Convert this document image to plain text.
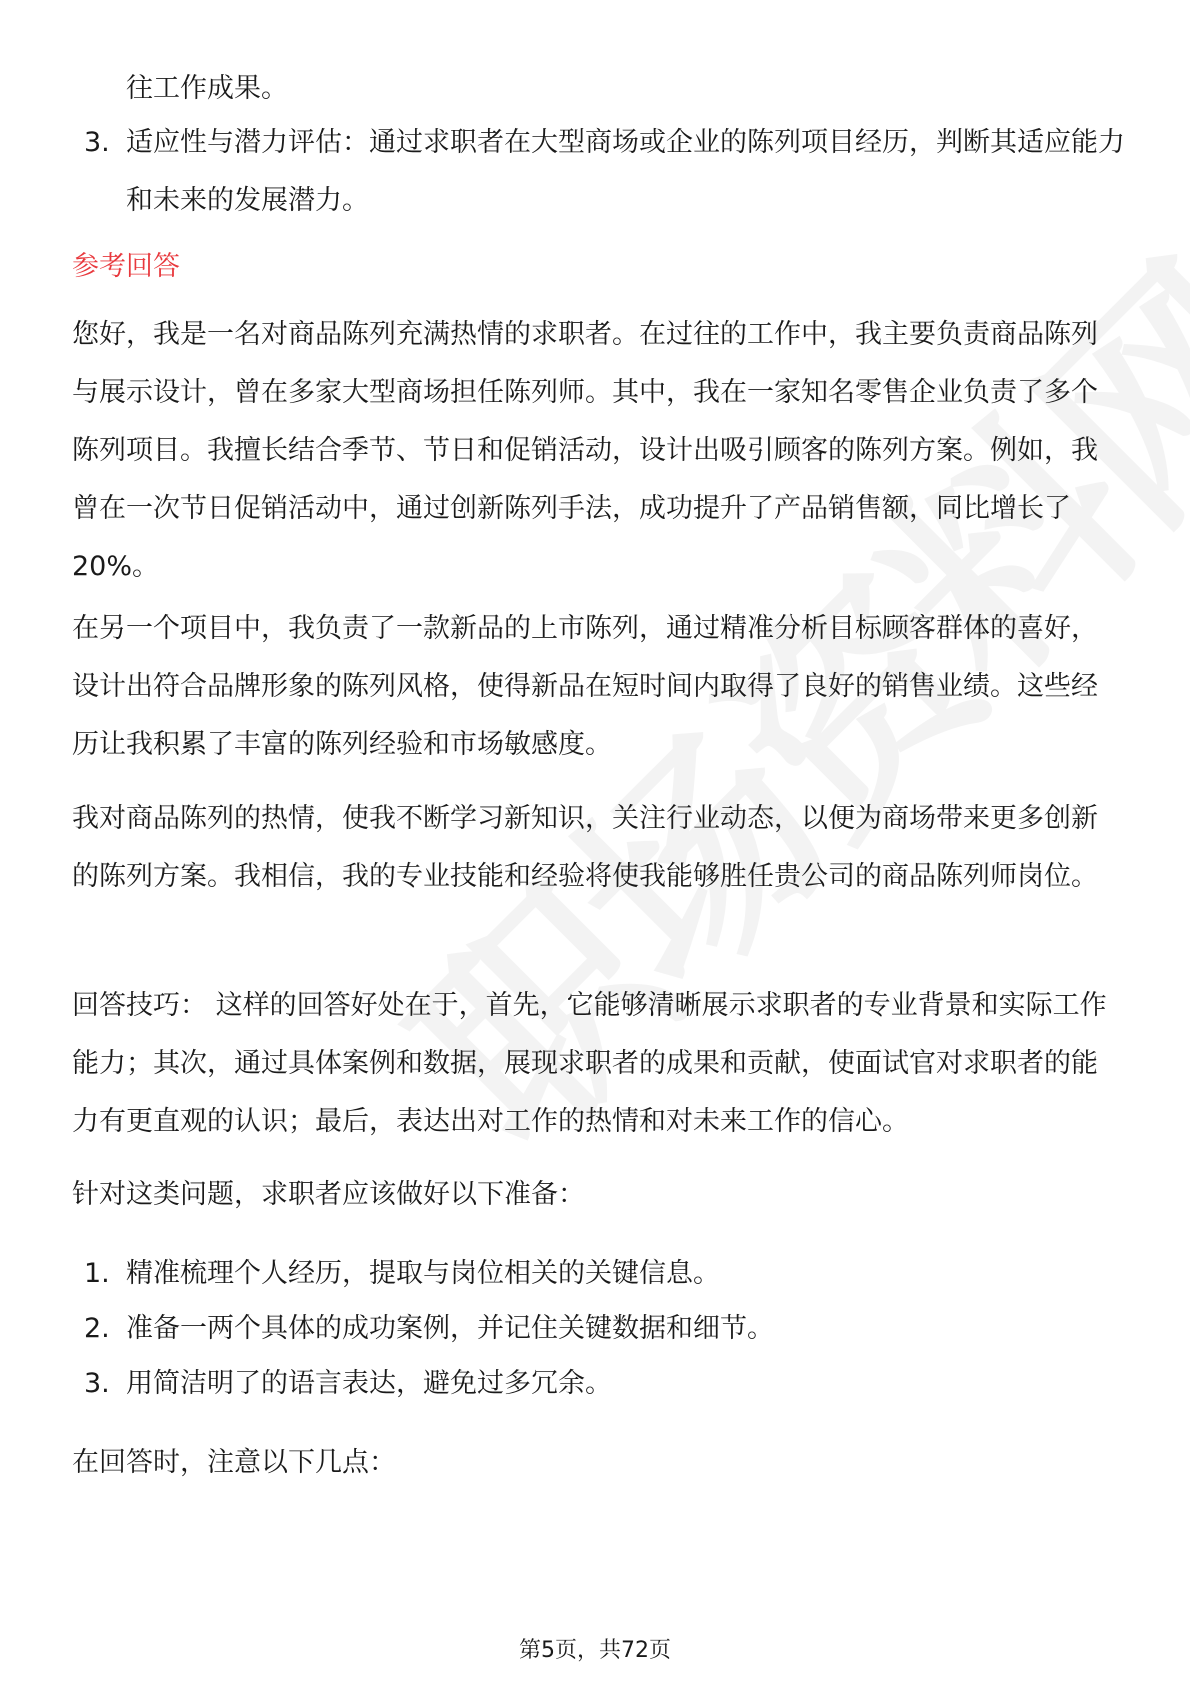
往工作成果。
3. 适应性与潜力评估：通过求职者在大型商场或企业的陈列项目经历，判断其适应能力和未来的发展潜力。
参考回答

您好，我是一名对商品陈列充满热情的求职者。在过往的工作中，我主要负责商品陈列与展示设计，曾在多家大型商场担任陈列师。其中，我在一家知名零售企业负责了多个陈列项目。我擅长结合季节、节日和促销活动，设计出吸引顾客的陈列方案。例如，我曾在一次节日促销活动中，通过创新陈列手法，成功提升了产品销售额，同比增长了20%。

在另一个项目中，我负责了一款新品的上市陈列，通过精准分析目标顾客群体的喜好，设计出符合品牌形象的陈列风格，使得新品在短时间内取得了良好的销售业绩。这些经历让我积累了丰富的陈列经验和市场敏感度。

我对商品陈列的热情，使我不断学习新知识，关注行业动态，以便为商场带来更多创新的陈列方案。我相信，我的专业技能和经验将使我能够胜任贵公司的商品陈列师岗位。

回答技巧： 这样的回答好处在于，首先，它能够清晰展示求职者的专业背景和实际工作能力；其次，通过具体案例和数据，展现求职者的成果和贡献，使面试官对求职者的能力有更直观的认识；最后，表达出对工作的热情和对未来工作的信心。

针对这类问题，求职者应该做好以下准备：

1. 精准梳理个人经历，提取与岗位相关的关键信息。
2. 准备一两个具体的成功案例，并记住关键数据和细节。
3. 用简洁明了的语言表达，避免过多冗余。

在回答时，注意以下几点：

第5页，共72页
